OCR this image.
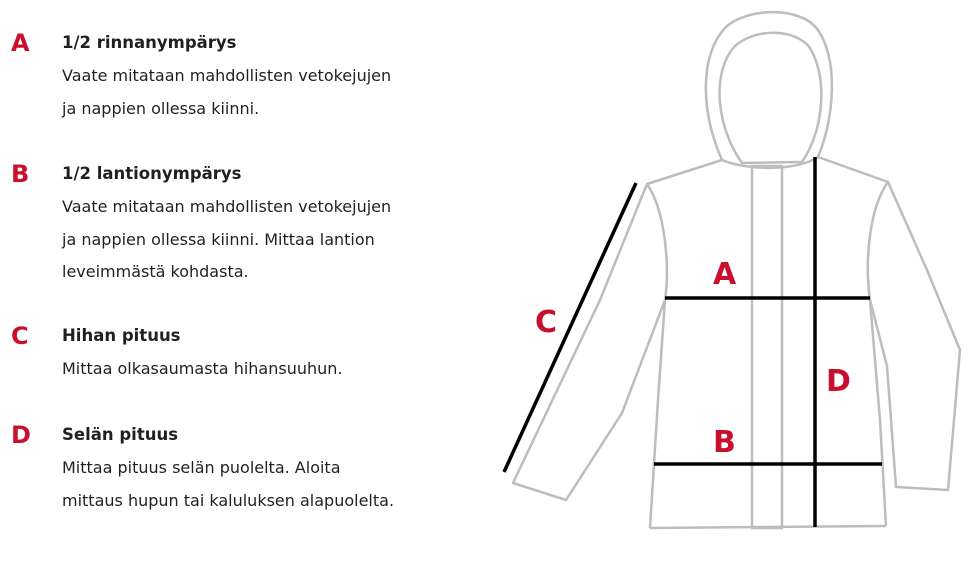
A 1/2 rinnanympärys
Vaate mitataan mahdollisten vetokejujen
ja nappien ollessa kiinni.
B 1/2 lantionympärys
Vaate mitataan mahdollisten vetokejujen
ja nappien ollessa kiinni. Mittaa lantion
leveimmästä kohdasta.
C Hihan pituus
Mittaa olkasaumasta hihansuuhun.
D Selän pituus
Mittaa pituus selän puolelta. Aloita
mittaus hupun tai kaluluksen alapuolelta.
A
B
C
D
